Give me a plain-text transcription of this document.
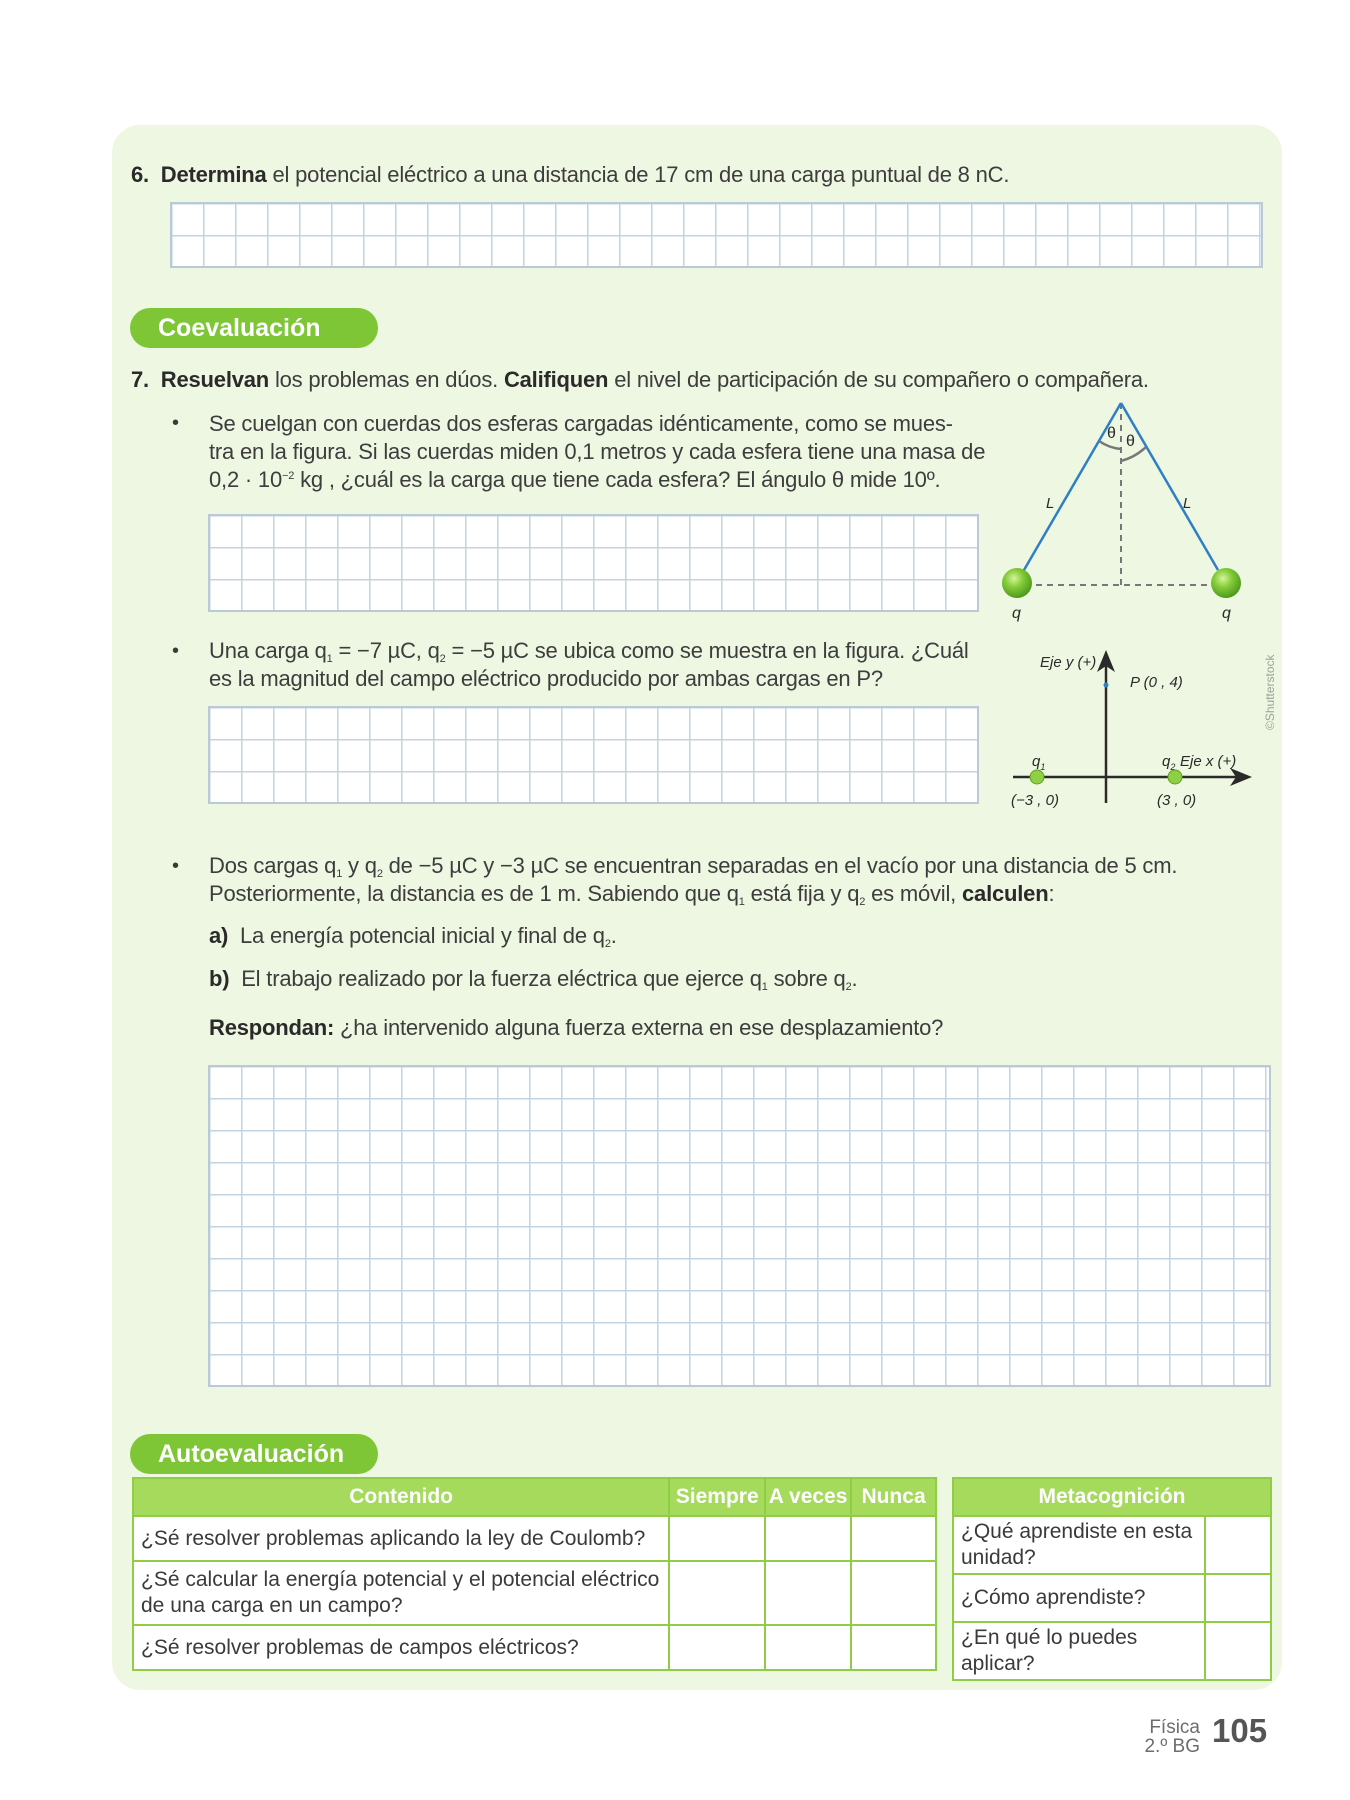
6. Determina el potencial eléctrico a una distancia de 17 cm de una carga puntual de 8 nC.
Coevaluación
7. Resuelvan los problemas en dúos. Califiquen el nivel de participación de su compañero o compañera.
• Se cuelgan con cuerdas dos esferas cargadas idénticamente, como se mues-
tra en la figura. Si las cuerdas miden 0,1 metros y cada esfera tiene una masa de
$0,2 \cdot 10^{-2}$ kg , ¿cuál es la carga que tiene cada esfera? El ángulo θ mide 10º.
θ θ
L	L
q	q
• Una carga $q_1 = -7$ µC, $q_2 = -5$ µC se ubica como se muestra en la figura. ¿Cuál
es la magnitud del campo eléctrico producido por ambas cargas en P?
Eje y (+)
P (0 , 4)
$q_1$	$q_2$ Eje x (+)
(−3 , 0)	(3 , 0)
©Shutterstock
• Dos cargas $q_1$ y $q_2$ de −5 µC y −3 µC se encuentran separadas en el vacío por una distancia de 5 cm.
Posteriormente, la distancia es de 1 m. Sabiendo que $q_1$ está fija y $q_2$ es móvil, calculen:
a) La energía potencial inicial y final de $q_2$.
b) El trabajo realizado por la fuerza eléctrica que ejerce $q_1$ sobre $q_2$.
Respondan: ¿ha intervenido alguna fuerza externa en ese desplazamiento?
Autoevaluación
Contenido	Siempre	A veces	Nunca
¿Sé resolver problemas aplicando la ley de Coulomb?			
¿Sé calcular la energía potencial y el potencial eléctrico de una carga en un campo?			
¿Sé resolver problemas de campos eléctricos?			
Metacognición	
¿Qué aprendiste en esta unidad?	
¿Cómo aprendiste?	
¿En qué lo puedes aplicar?	
Física
2.º BG 105
